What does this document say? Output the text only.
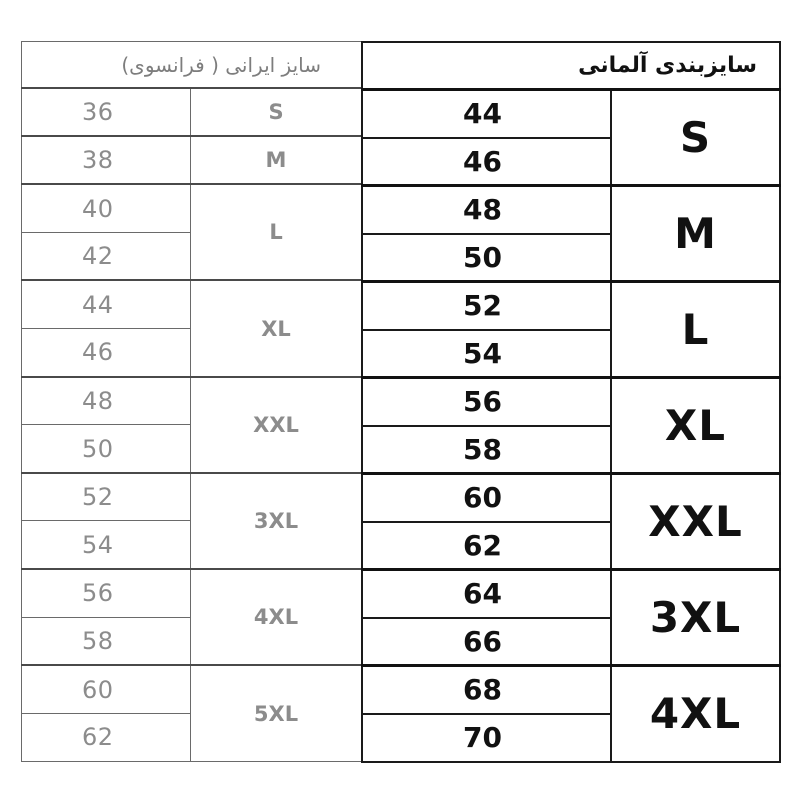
سایز ایرانی ( فرانسوی)	
36	S
38	M
40	L
42	
44	XL
46	
48	XXL
50	
52	3XL
54	
56	4XL
58	
60	5XL
62	
سایزبندی آلمانی	
44	S
46	
48	M
50	
52	L
54	
56	XL
58	
60	XXL
62	
64	3XL
66	
68	4XL
70	
